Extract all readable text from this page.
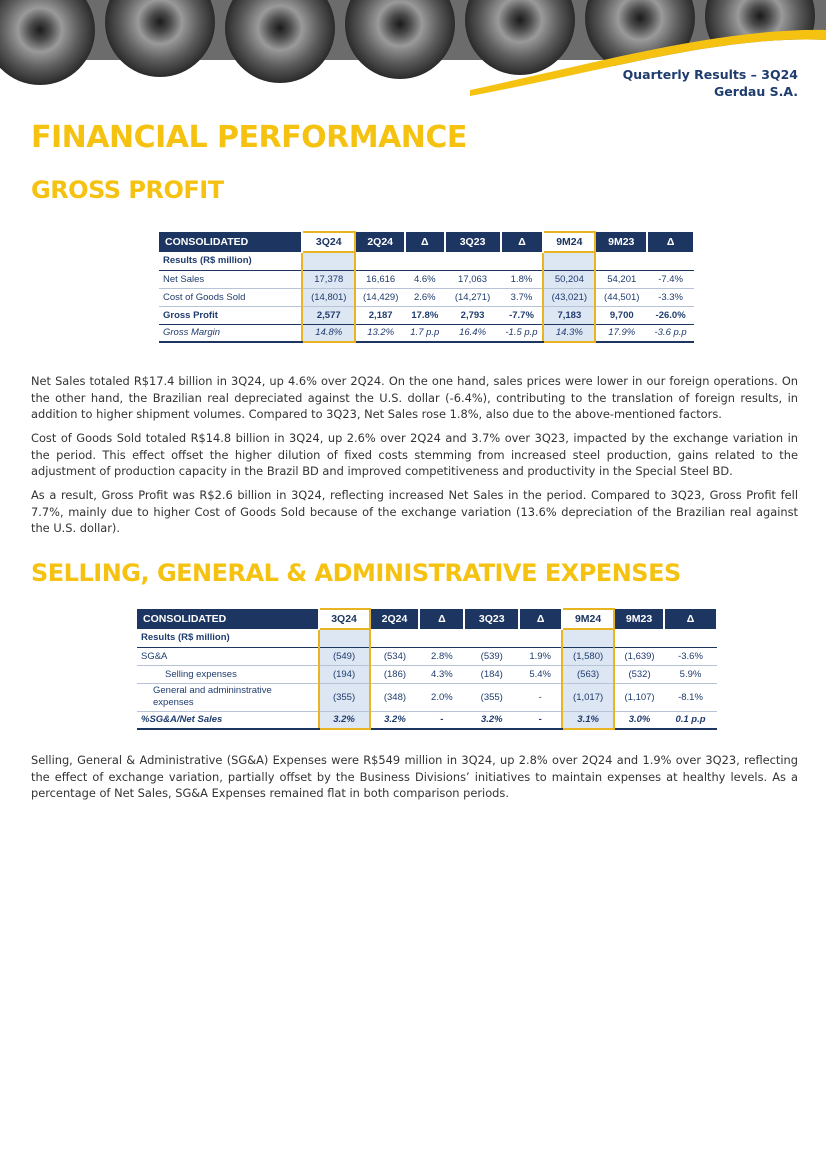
Quarterly Results – 3Q24
Gerdau S.A.
FINANCIAL PERFORMANCE
GROSS PROFIT
CONSOLIDATED	3Q24	2Q24	Δ	3Q23	Δ	9M24	9M23	Δ
Results (R$ million)								
Net Sales	17,378	16,616	4.6%	17,063	1.8%	50,204	54,201	-7.4%
Cost of Goods Sold	(14,801)	(14,429)	2.6%	(14,271)	3.7%	(43,021)	(44,501)	-3.3%
Gross Profit	2,577	2,187	17.8%	2,793	-7.7%	7,183	9,700	-26.0%
Gross Margin	14.8%	13.2%	1.7 p.p	16.4%	-1.5 p.p	14.3%	17.9%	-3.6 p.p

Net Sales totaled R$17.4 billion in 3Q24, up 4.6% over 2Q24. On the one hand, sales prices were lower in our foreign operations. On the other hand, the Brazilian real depreciated against the U.S. dollar (-6.4%), contributing to the translation of foreign results, in addition to higher shipment volumes. Compared to 3Q23, Net Sales rose 1.8%, also due to the above-mentioned factors.

Cost of Goods Sold totaled R$14.8 billion in 3Q24, up 2.6% over 2Q24 and 3.7% over 3Q23, impacted by the exchange variation in the period. This effect offset the higher dilution of fixed costs stemming from increased steel production, gains related to the adjustment of production capacity in the Brazil BD and improved competitiveness and productivity in the Special Steel BD.

As a result, Gross Profit was R$2.6 billion in 3Q24, reflecting increased Net Sales in the period. Compared to 3Q23, Gross Profit fell 7.7%, mainly due to higher Cost of Goods Sold because of the exchange variation (13.6% depreciation of the Brazilian real against the U.S. dollar).

SELLING, GENERAL & ADMINISTRATIVE EXPENSES
CONSOLIDATED	3Q24	2Q24	Δ	3Q23	Δ	9M24	9M23	Δ
Results (R$ million)								
SG&A	(549)	(534)	2.8%	(539)	1.9%	(1,580)	(1,639)	-3.6%
Selling expenses	(194)	(186)	4.3%	(184)	5.4%	(563)	(532)	5.9%
General and admininstrative expenses	(355)	(348)	2.0%	(355)	-	(1,017)	(1,107)	-8.1%
%SG&A/Net Sales	3.2%	3.2%	-	3.2%	-	3.1%	3.0%	0.1 p.p

Selling, General & Administrative (SG&A) Expenses were R$549 million in 3Q24, up 2.8% over 2Q24 and 1.9% over 3Q23, reflecting the effect of exchange variation, partially offset by the Business Divisions’ initiatives to maintain expenses at healthy levels. As a percentage of Net Sales, SG&A Expenses remained flat in both comparison periods.
